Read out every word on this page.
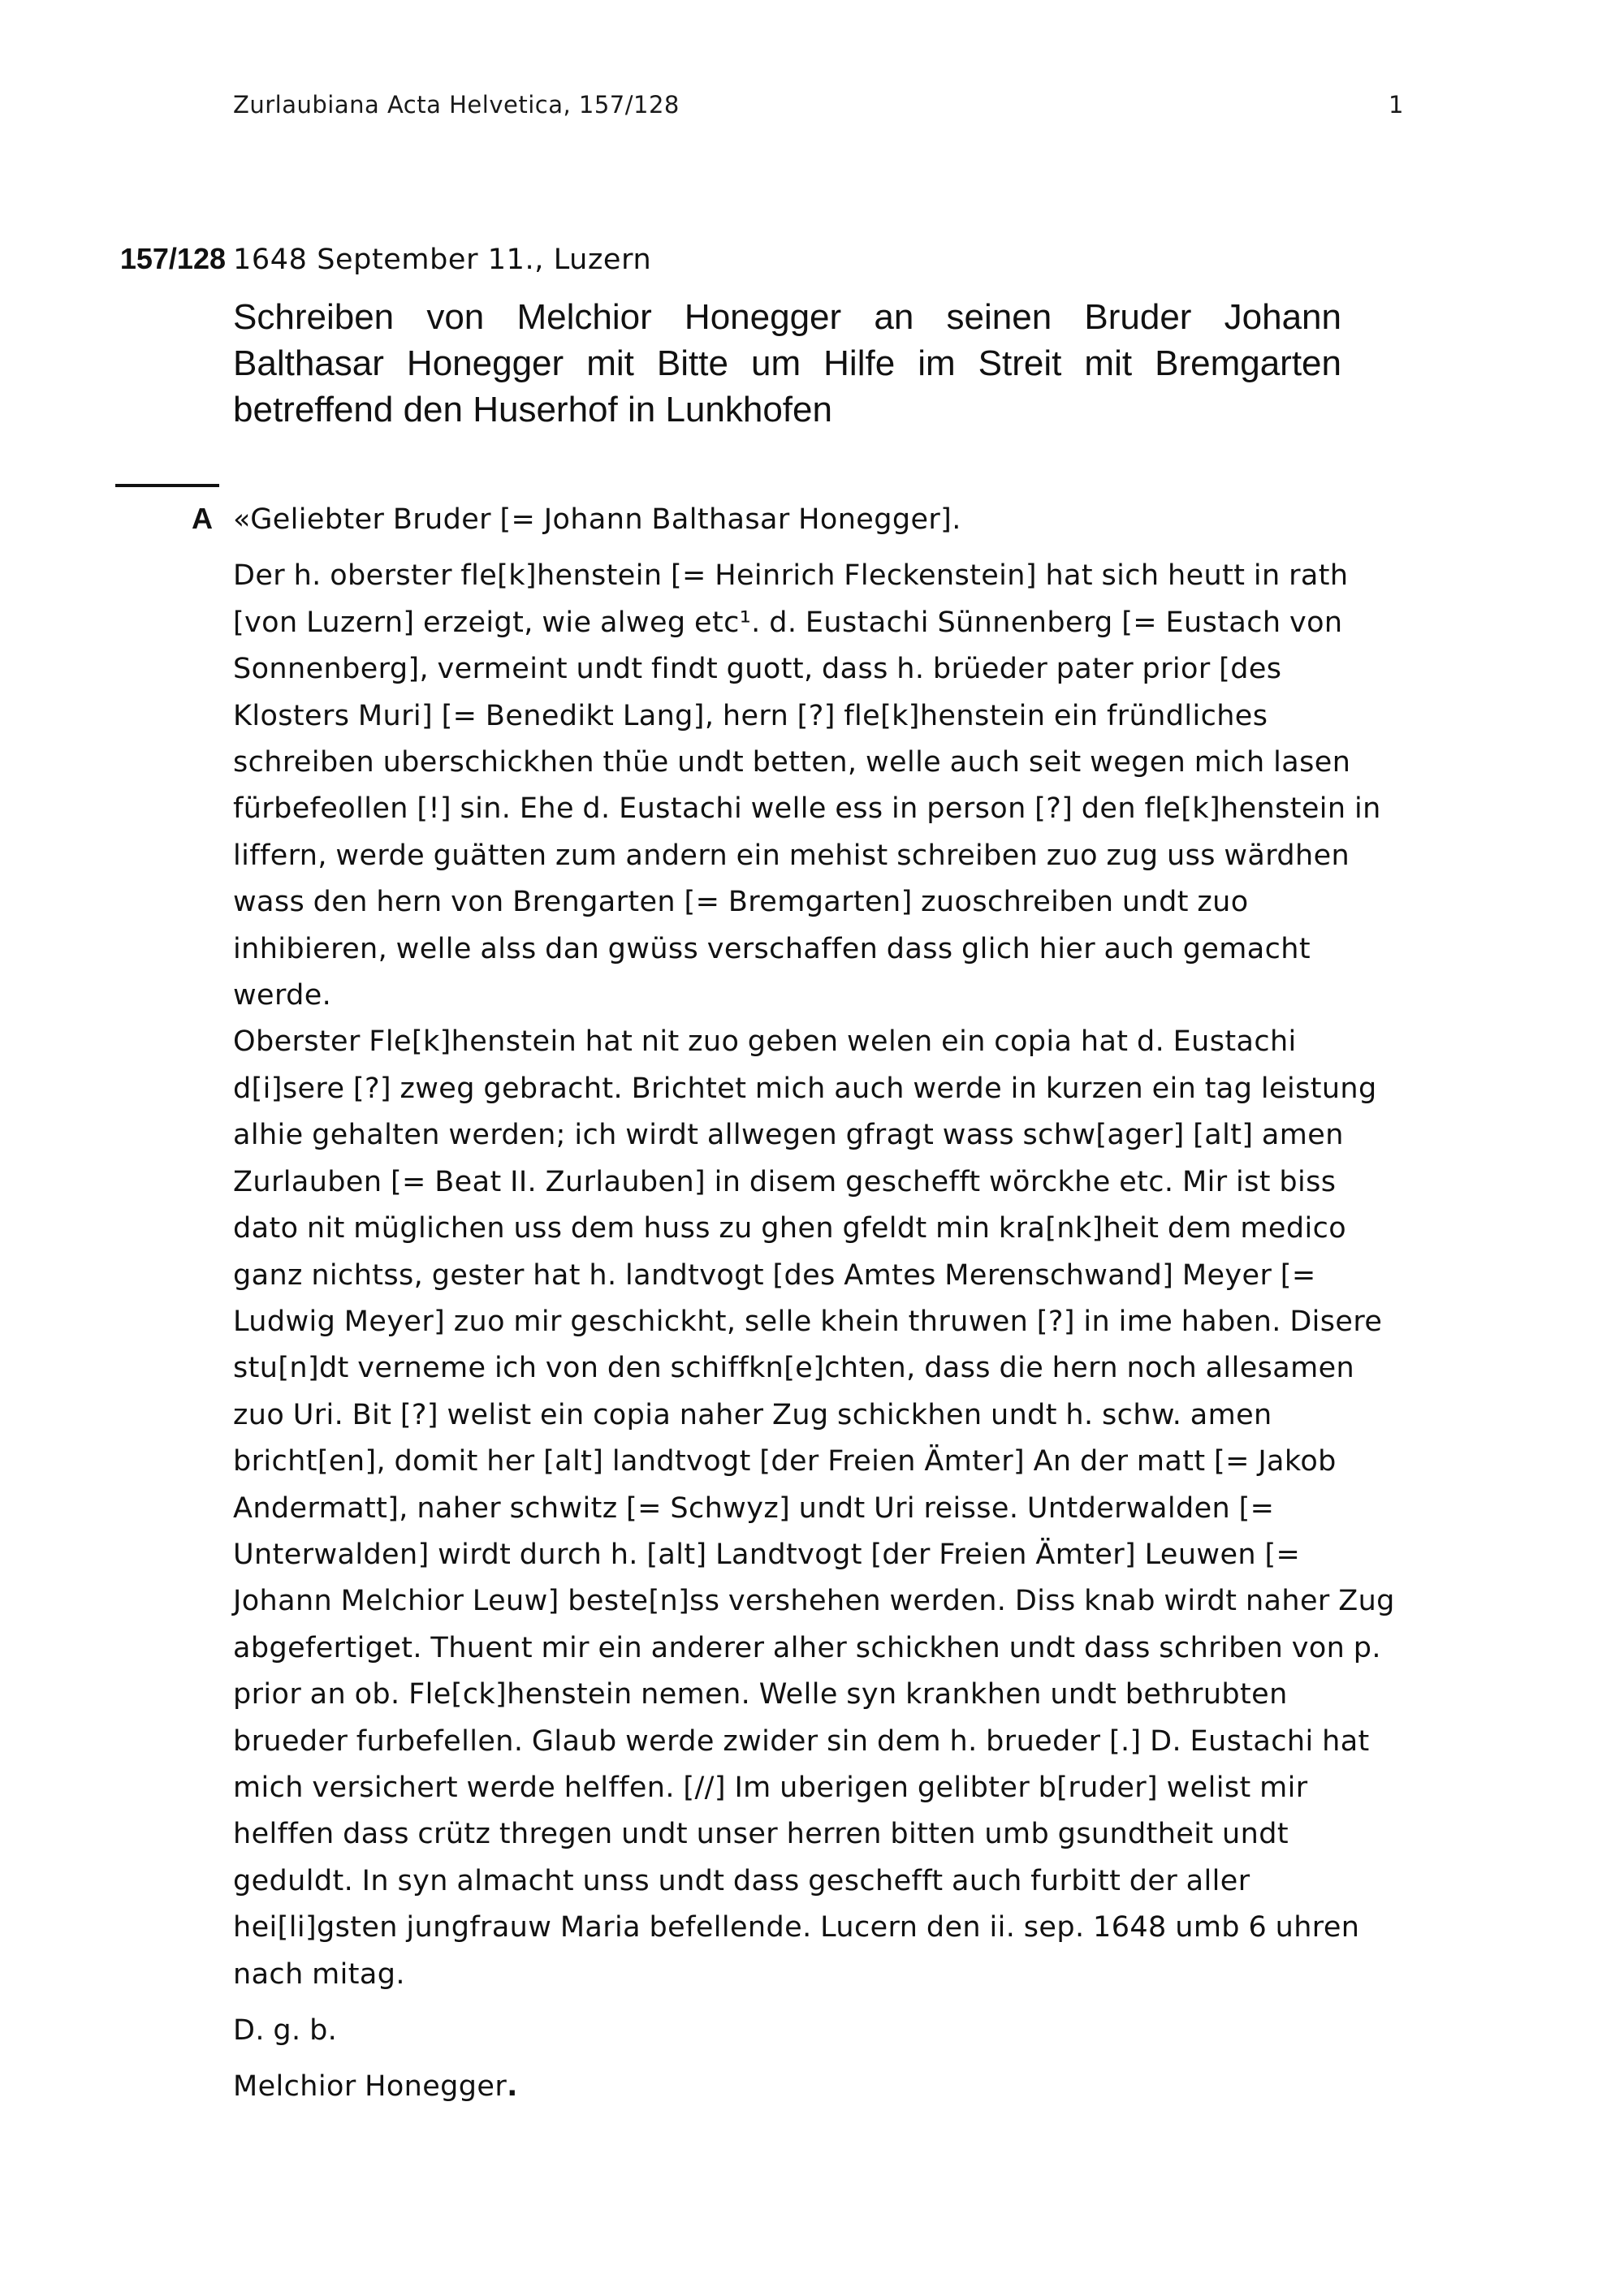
Zurlaubiana Acta Helvetica, 157/128	1
157/128 1648 September 11., Luzern
Schreiben von Melchior Honegger an seinen Bruder Johann Balthasar Honegger mit Bitte um Hilfe im Streit mit Bremgarten betreffend den Huserhof in Lunkhofen
A «Geliebter Bruder [= Johann Balthasar Honegger].

Der h. oberster fle[k]henstein [= Heinrich Fleckenstein] hat sich heutt in rath [von Luzern] erzeigt, wie alweg etc¹. d. Eustachi Sünnenberg [= Eustach von Sonnenberg], vermeint undt findt guott, dass h. brüeder pater prior [des Klosters Muri] [= Benedikt Lang], hern [?] fle[k]henstein ein fründliches schreiben uberschickhen thüe undt betten, welle auch seit wegen mich lasen fürbefeollen [!] sin. Ehe d. Eustachi welle ess in person [?] den fle[k]henstein in liffern, werde guätten zum andern ein mehist schreiben zuo zug uss wärdhen wass den hern von Brengarten [= Bremgarten] zuoschreiben undt zuo inhibieren, welle alss dan gwüss verschaffen dass glich hier auch gemacht werde.
Oberster Fle[k]henstein hat nit zuo geben welen ein copia hat d. Eustachi d[i]sere [?] zweg gebracht. Brichtet mich auch werde in kurzen ein tag leistung alhie gehalten werden; ich wirdt allwegen gfragt wass schw[ager] [alt] amen Zurlauben [= Beat II. Zurlauben] in disem geschefft wörckhe etc. Mir ist biss dato nit müglichen uss dem huss zu ghen gfeldt min kra[nk]heit dem medico ganz nichtss, gester hat h. landtvogt [des Amtes Merenschwand] Meyer [= Ludwig Meyer] zuo mir geschickht, selle khein thruwen [?] in ime haben. Disere stu[n]dt verneme ich von den schiffkn[e]chten, dass die hern noch allesamen zuo Uri. Bit [?] welist ein copia naher Zug schickhen undt h. schw. amen bricht[en], domit her [alt] landtvogt [der Freien Ämter] An der matt [= Jakob Andermatt], naher schwitz [= Schwyz] undt Uri reisse. Untderwalden [= Unterwalden] wirdt durch h. [alt] Landtvogt [der Freien Ämter] Leuwen [= Johann Melchior Leuw] beste[n]ss vershehen werden. Diss knab wirdt naher Zug abgefertiget. Thuent mir ein anderer alher schickhen undt dass schriben von p. prior an ob. Fle[ck]henstein nemen. Welle syn krankhen undt bethrubten brueder furbefellen. Glaub werde zwider sin dem h. brueder [.] D. Eustachi hat mich versichert werde helffen. [//] Im uberigen gelibter b[ruder] welist mir helffen dass crütz thregen undt unser herren bitten umb gsundtheit undt geduldt. In syn almacht unss undt dass geschefft auch furbitt der aller hei[li]gsten jungfrauw Maria befellende. Lucern den ii. sep. 1648 umb 6 uhren nach mitag.

D. g. b.

Melchior Honegger.
